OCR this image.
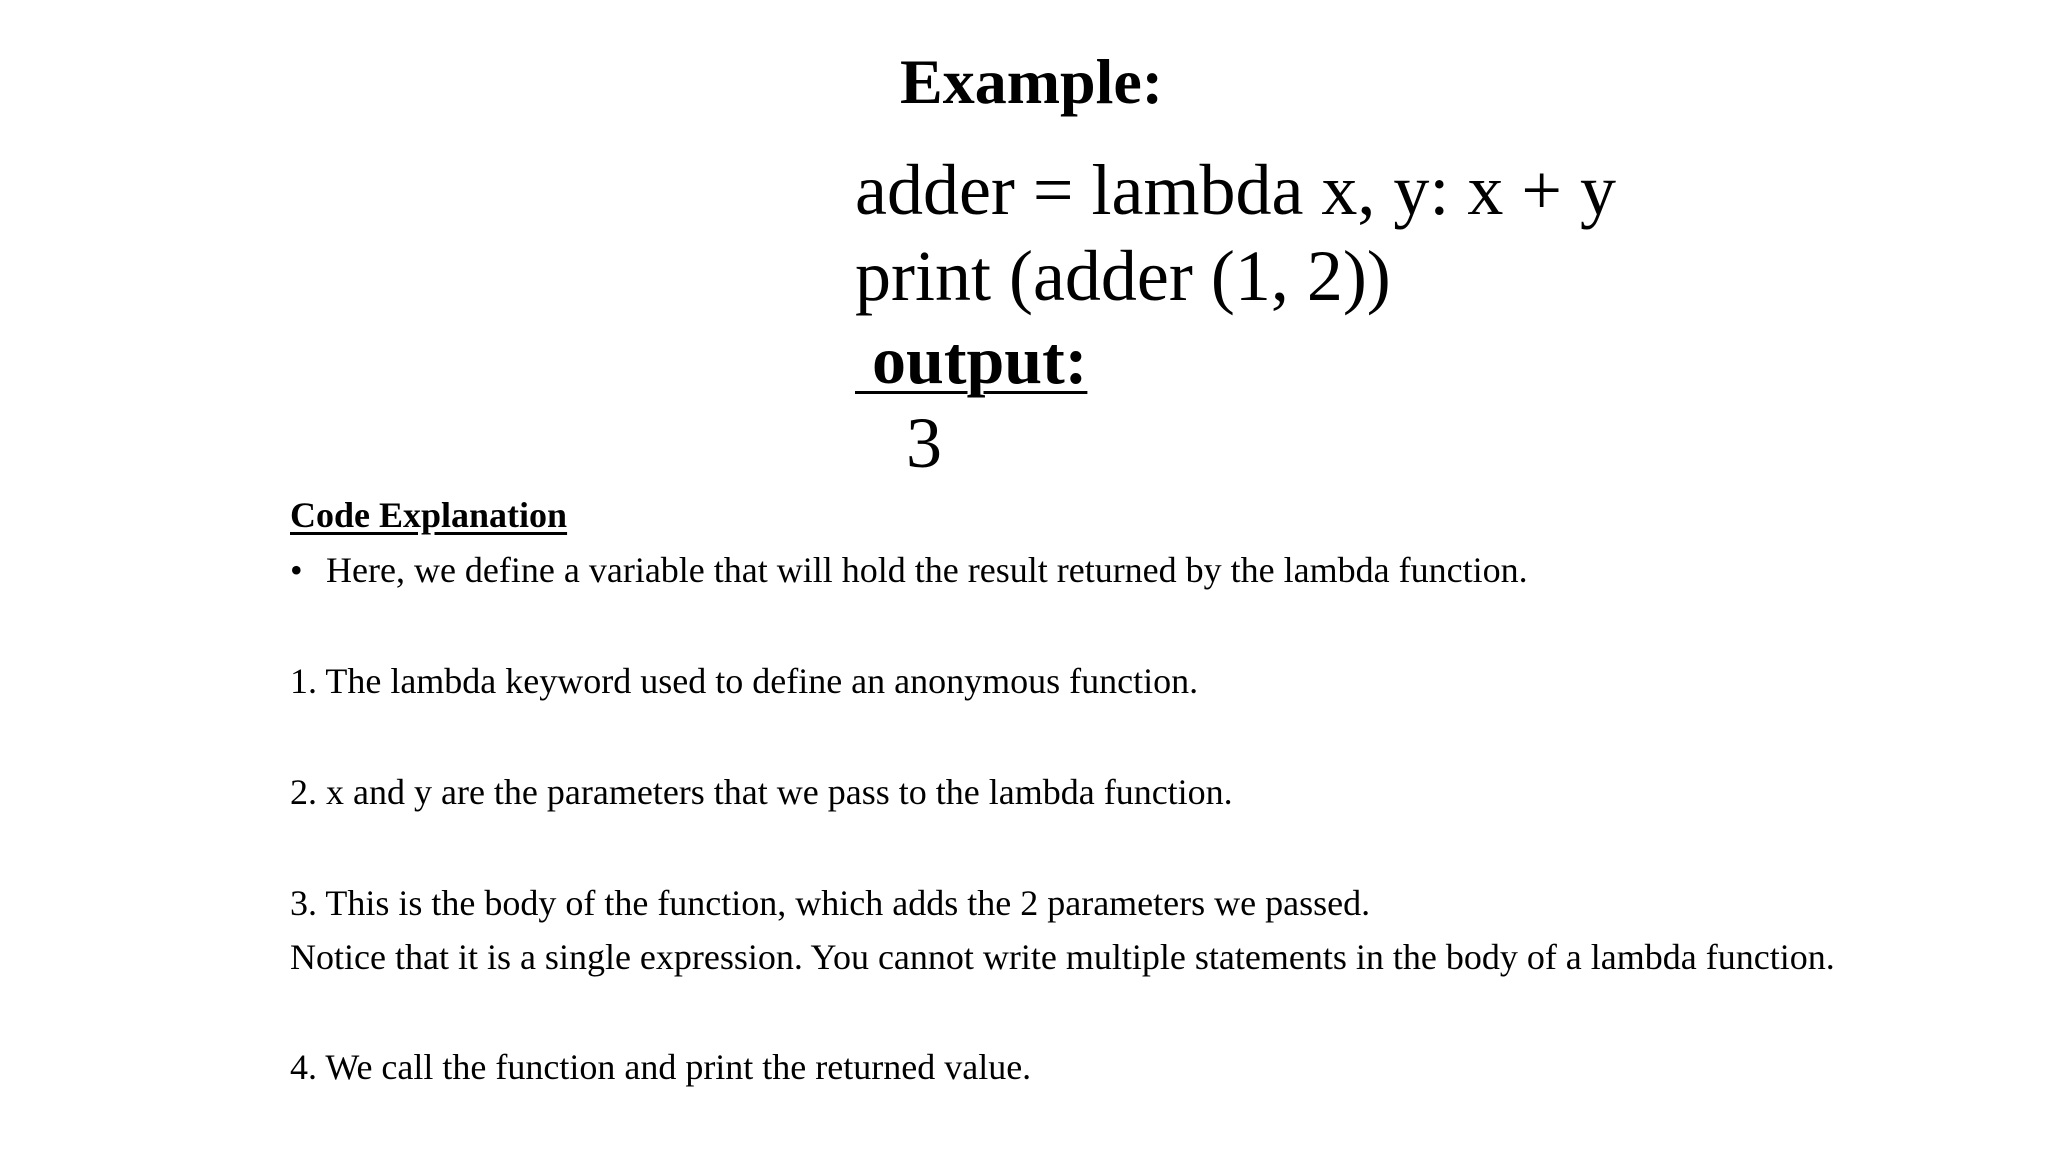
Example:
adder = lambda x, y: x + y
print (adder (1, 2))
output:
3
Code Explanation
• Here, we define a variable that will hold the result returned by the lambda function.
1. The lambda keyword used to define an anonymous function.
2. x and y are the parameters that we pass to the lambda function.
3. This is the body of the function, which adds the 2 parameters we passed.
Notice that it is a single expression. You cannot write multiple statements in the body of a lambda function.
4. We call the function and print the returned value.
